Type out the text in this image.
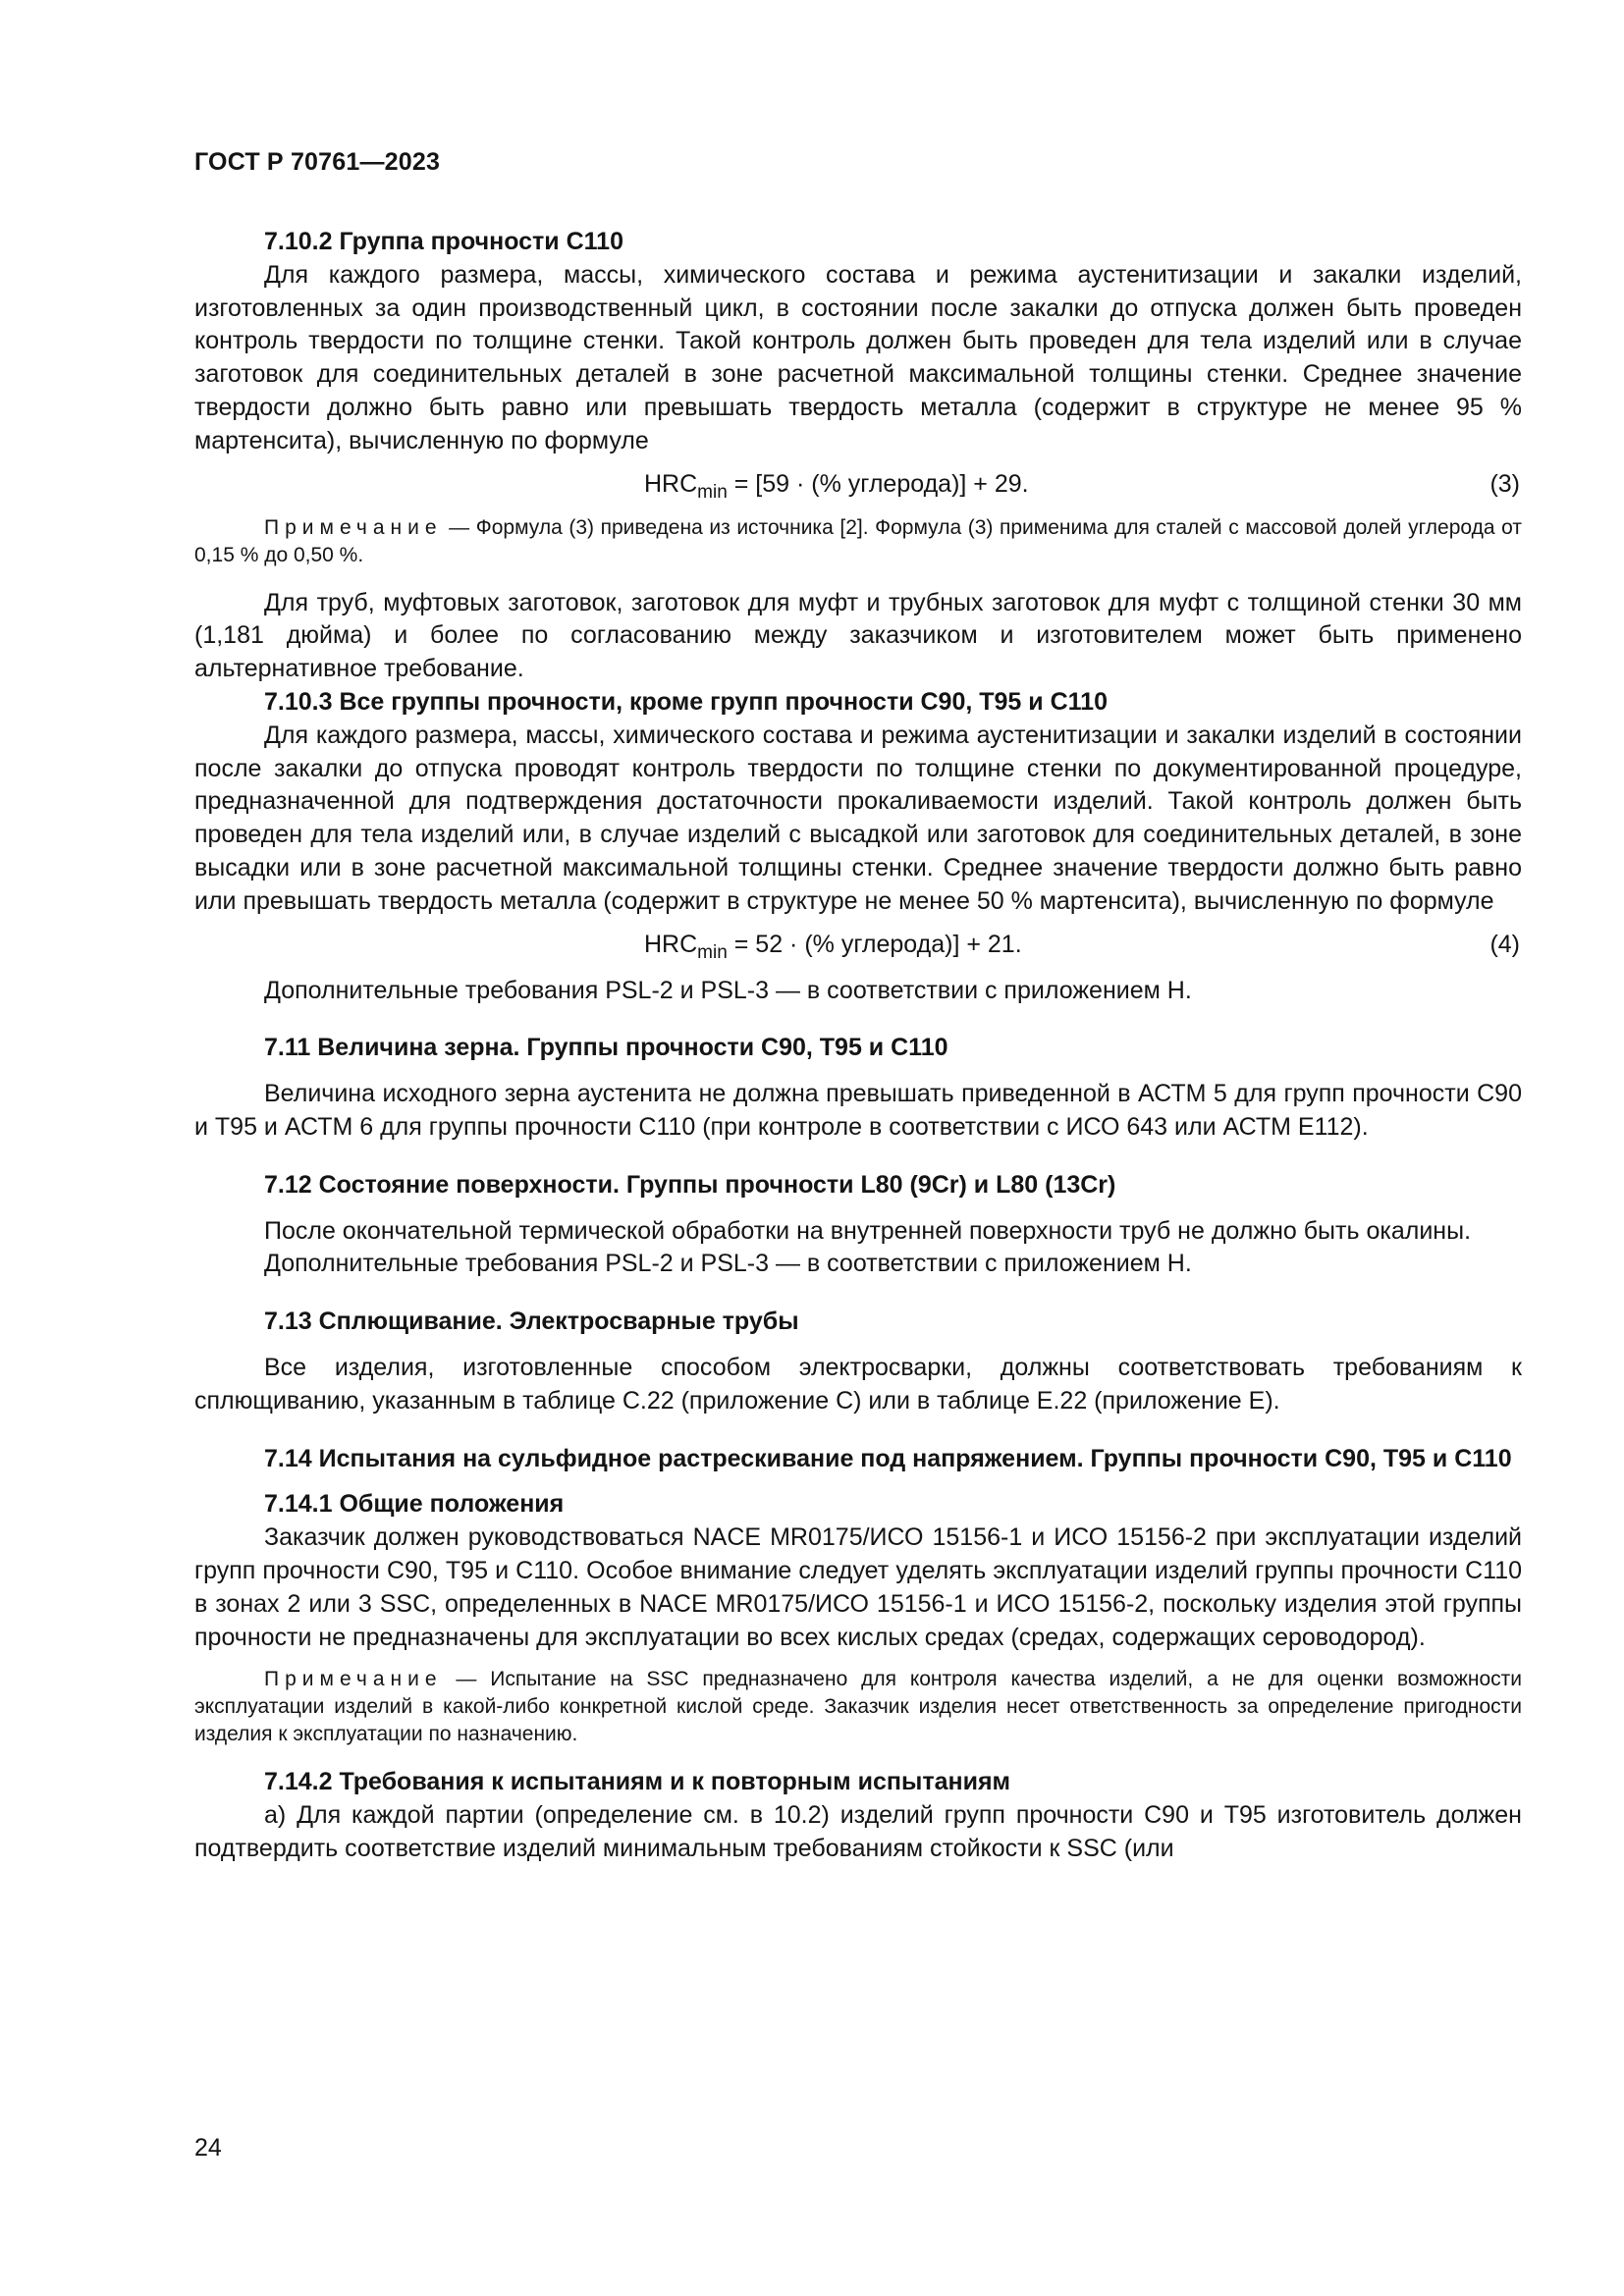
ГОСТ Р 70761—2023
7.10.2 Группа прочности С110

Для каждого размера, массы, химического состава и режима аустенитизации и закалки изделий, изготовленных за один производственный цикл, в состоянии после закалки до отпуска должен быть проведен контроль твердости по толщине стенки. Такой контроль должен быть проведен для тела изделий или в случае заготовок для соединительных деталей в зоне расчетной максимальной толщины стенки. Среднее значение твердости должно быть равно или превышать твердость металла (содержит в структуре не менее 95 % мартенсита), вычисленную по формуле

$HRC_{min} = [59$ · (% углерода)] + 29.	(3)
Примечание — Формула (3) приведена из источника [2]. Формула (3) применима для сталей с массовой долей углерода от 0,15 % до 0,50 %.

Для труб, муфтовых заготовок, заготовок для муфт и трубных заготовок для муфт с толщиной стенки 30 мм (1,181 дюйма) и более по согласованию между заказчиком и изготовителем может быть применено альтернативное требование.

7.10.3 Все группы прочности, кроме групп прочности С90, Т95 и С110

Для каждого размера, массы, химического состава и режима аустенитизации и закалки изделий в состоянии после закалки до отпуска проводят контроль твердости по толщине стенки по документированной процедуре, предназначенной для подтверждения достаточности прокаливаемости изделий. Такой контроль должен быть проведен для тела изделий или, в случае изделий с высадкой или заготовок для соединительных деталей, в зоне высадки или в зоне расчетной максимальной толщины стенки. Среднее значение твердости должно быть равно или превышать твердость металла (содержит в структуре не менее 50 % мартенсита), вычисленную по формуле

$HRC_{min} = 52$ · (% углерода)] + 21.	(4)

Дополнительные требования PSL-2 и PSL-3 — в соответствии с приложением Н.

7.11 Величина зерна. Группы прочности С90, Т95 и С110

Величина исходного зерна аустенита не должна превышать приведенной в АСТМ 5 для групп прочности С90 и Т95 и АСТМ 6 для группы прочности С110 (при контроле в соответствии с ИСО 643 или АСТМ Е112).

7.12 Состояние поверхности. Группы прочности L80 (9Cr) и L80 (13Cr)

После окончательной термической обработки на внутренней поверхности труб не должно быть окалины.

Дополнительные требования PSL-2 и PSL-3 — в соответствии с приложением Н.

7.13 Сплющивание. Электросварные трубы

Все изделия, изготовленные способом электросварки, должны соответствовать требованиям к сплющиванию, указанным в таблице С.22 (приложение С) или в таблице Е.22 (приложение Е).

7.14 Испытания на сульфидное растрескивание под напряжением. Группы прочности С90, Т95 и С110
7.14.1 Общие положения

Заказчик должен руководствоваться NACE MR0175/ИСО 15156-1 и ИСО 15156-2 при эксплуатации изделий групп прочности С90, Т95 и С110. Особое внимание следует уделять эксплуатации изделий группы прочности С110 в зонах 2 или 3 SSC, определенных в NACE MR0175/ИСО 15156-1 и ИСО 15156-2, поскольку изделия этой группы прочности не предназначены для эксплуатации во всех кислых средах (средах, содержащих сероводород).

Примечание — Испытание на SSC предназначено для контроля качества изделий, а не для оценки возможности эксплуатации изделий в какой-либо конкретной кислой среде. Заказчик изделия несет ответственность за определение пригодности изделия к эксплуатации по назначению.
7.14.2 Требования к испытаниям и к повторным испытаниям

а) Для каждой партии (определение см. в 10.2) изделий групп прочности С90 и Т95 изготовитель должен подтвердить соответствие изделий минимальным требованиям стойкости к SSC (или

24
